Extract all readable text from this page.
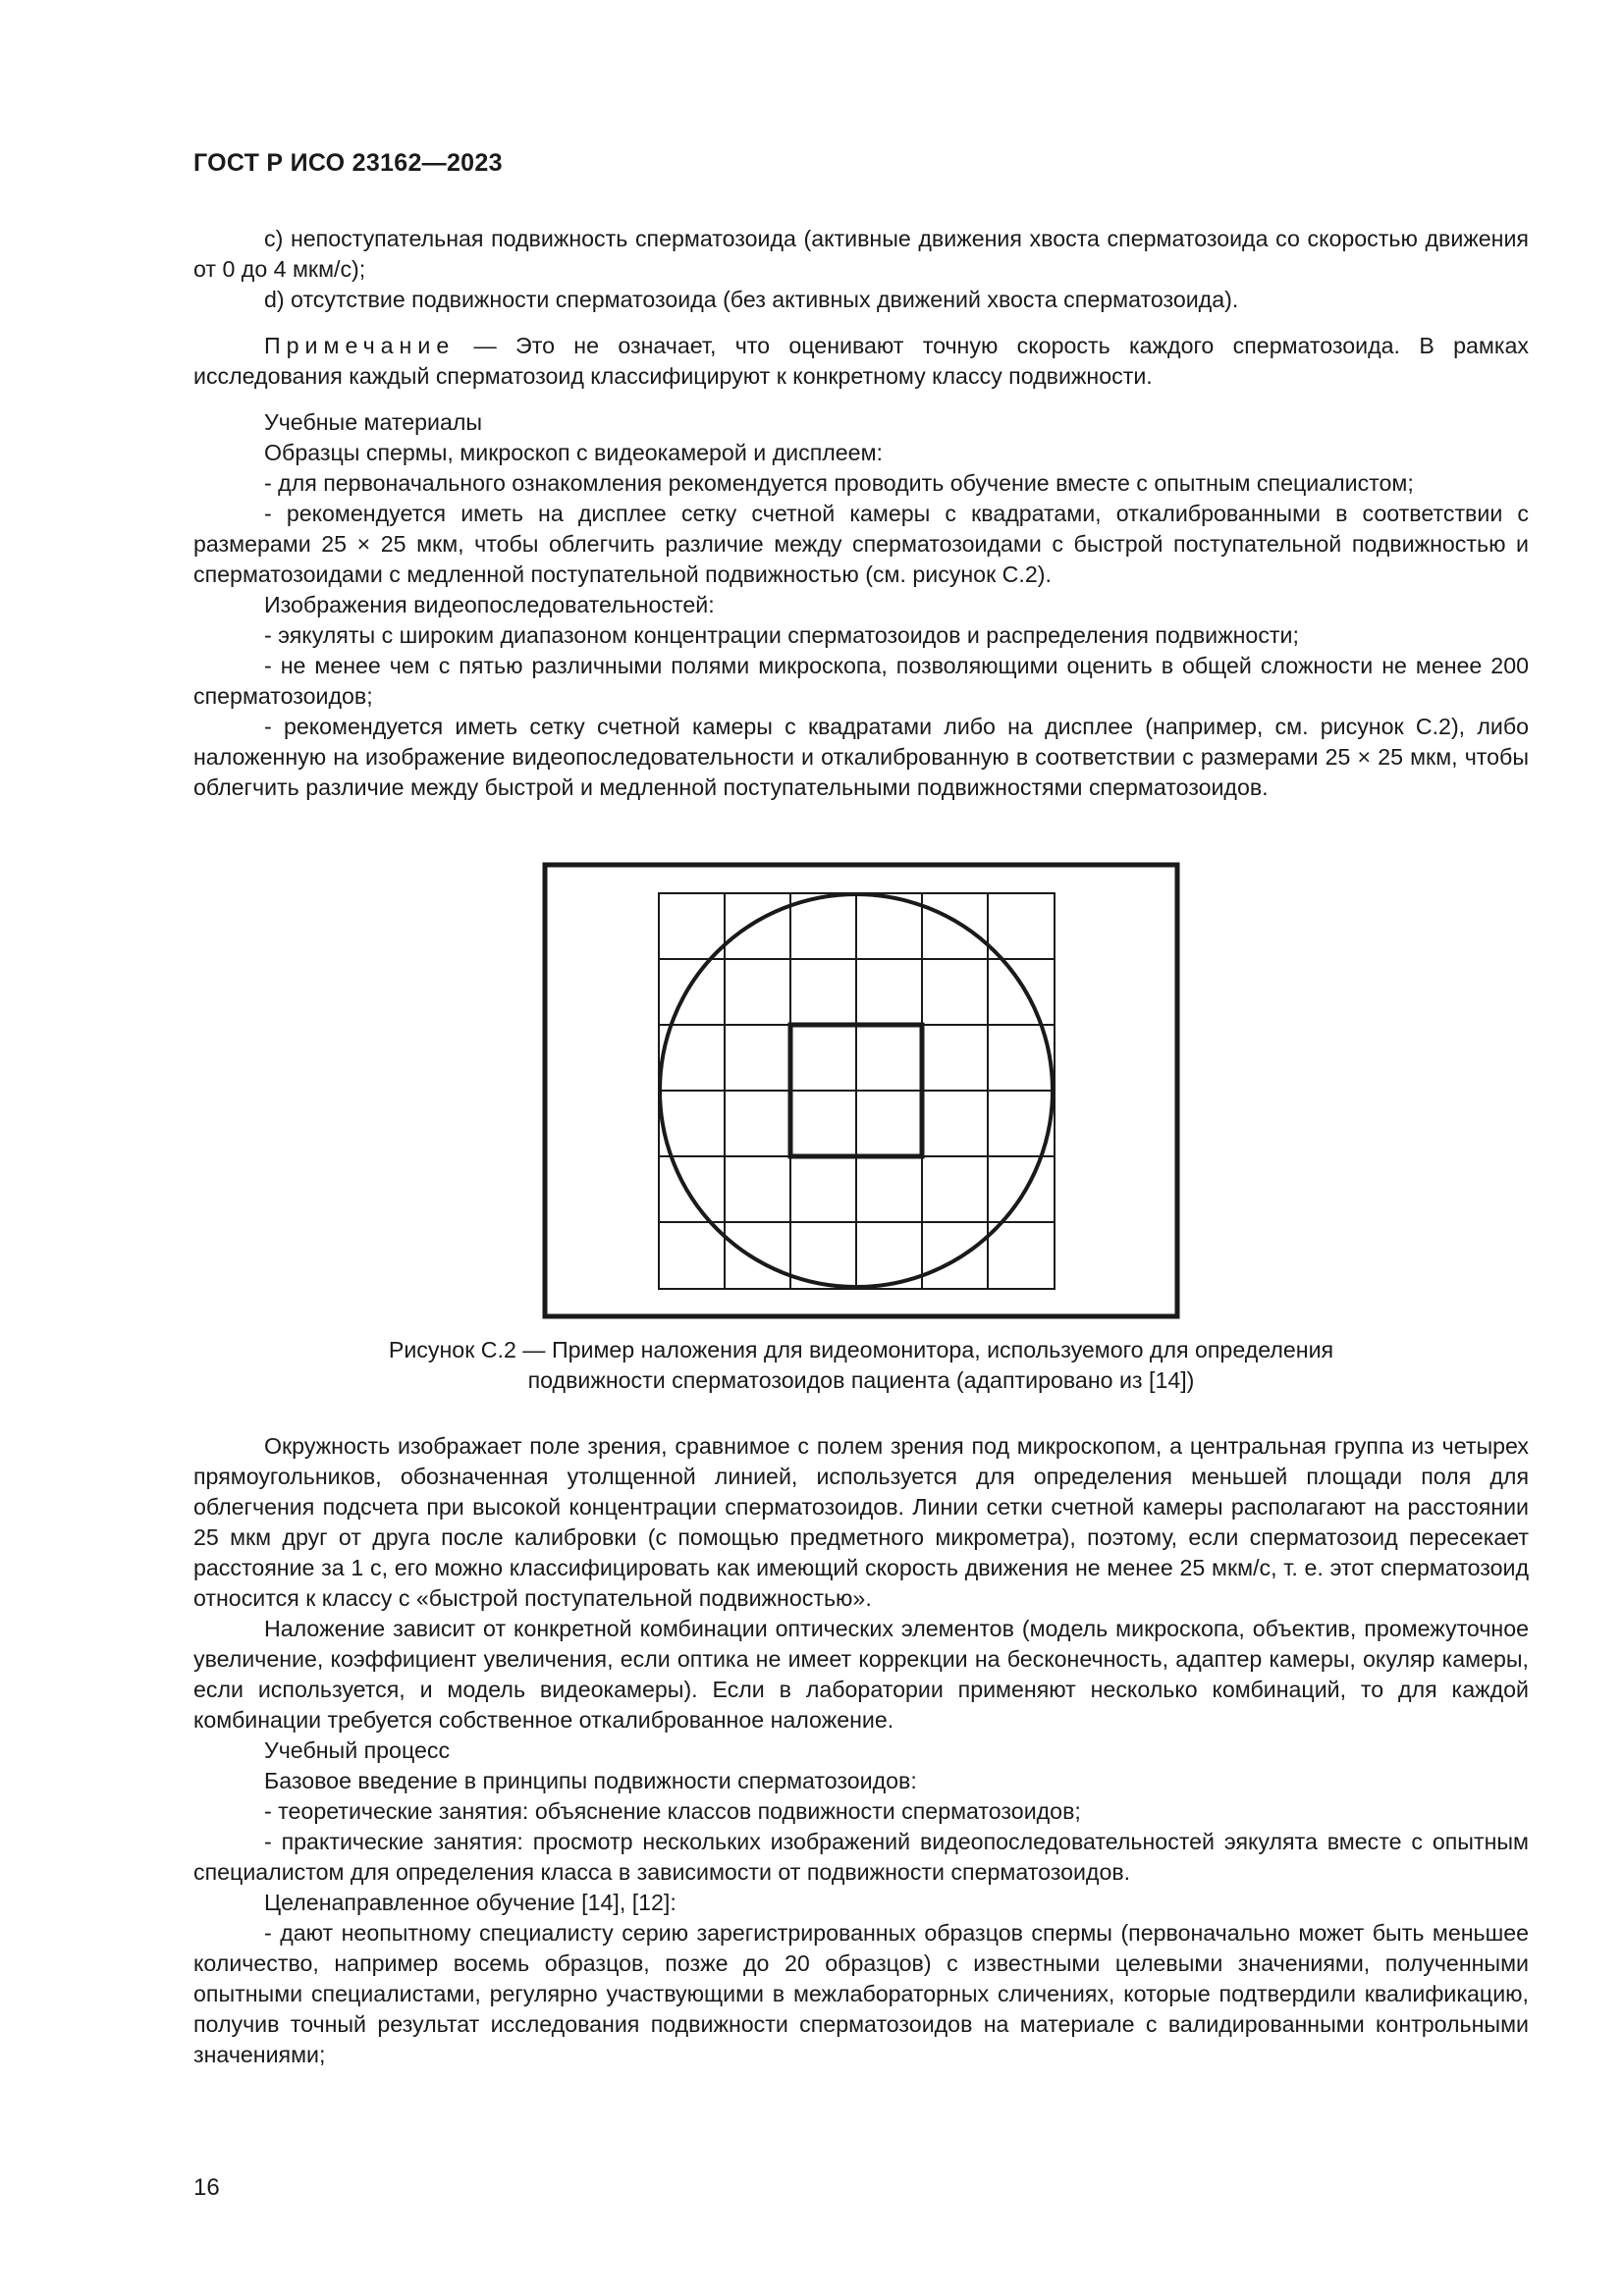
ГОСТ Р ИСО 23162—2023

c) непоступательная подвижность сперматозоида (активные движения хвоста сперматозоида со скоростью движения от 0 до 4 мкм/с);

d) отсутствие подвижности сперматозоида (без активных движений хвоста сперматозоида).

Примечание — Это не означает, что оценивают точную скорость каждого сперматозоида. В рамках исследования каждый сперматозоид классифицируют к конкретному классу подвижности.

Учебные материалы

Образцы спермы, микроскоп с видеокамерой и дисплеем:

- для первоначального ознакомления рекомендуется проводить обучение вместе с опытным специалистом;

- рекомендуется иметь на дисплее сетку счетной камеры с квадратами, откалиброванными в соответствии с размерами 25 × 25 мкм, чтобы облегчить различие между сперматозоидами с быстрой поступательной подвижностью и сперматозоидами с медленной поступательной подвижностью (см. рисунок C.2).

Изображения видеопоследовательностей:

- эякуляты с широким диапазоном концентрации сперматозоидов и распределения подвижности;

- не менее чем с пятью различными полями микроскопа, позволяющими оценить в общей сложности не менее 200 сперматозоидов;

- рекомендуется иметь сетку счетной камеры с квадратами либо на дисплее (например, см. рисунок C.2), либо наложенную на изображение видеопоследовательности и откалиброванную в соответствии с размерами 25 × 25 мкм, чтобы облегчить различие между быстрой и медленной поступательными подвижностями сперматозоидов.

Рисунок C.2 — Пример наложения для видеомонитора, используемого для определения
подвижности сперматозоидов пациента (адаптировано из [14])

Окружность изображает поле зрения, сравнимое с полем зрения под микроскопом, а центральная группа из четырех прямоугольников, обозначенная утолщенной линией, используется для определения меньшей площади поля для облегчения подсчета при высокой концентрации сперматозоидов. Линии сетки счетной камеры располагают на расстоянии 25 мкм друг от друга после калибровки (с помощью предметного микрометра), поэтому, если сперматозоид пересекает расстояние за 1 с, его можно классифицировать как имеющий скорость движения не менее 25 мкм/с, т. е. этот сперматозоид относится к классу с «быстрой поступательной подвижностью».

Наложение зависит от конкретной комбинации оптических элементов (модель микроскопа, объектив, промежуточное увеличение, коэффициент увеличения, если оптика не имеет коррекции на бесконечность, адаптер камеры, окуляр камеры, если используется, и модель видеокамеры). Если в лаборатории применяют несколько комбинаций, то для каждой комбинации требуется собственное откалиброванное наложение.

Учебный процесс

Базовое введение в принципы подвижности сперматозоидов:

- теоретические занятия: объяснение классов подвижности сперматозоидов;

- практические занятия: просмотр нескольких изображений видеопоследовательностей эякулята вместе с опытным специалистом для определения класса в зависимости от подвижности сперматозоидов.

Целенаправленное обучение [14], [12]:

- дают неопытному специалисту серию зарегистрированных образцов спермы (первоначально может быть меньшее количество, например восемь образцов, позже до 20 образцов) с известными целевыми значениями, полученными опытными специалистами, регулярно участвующими в межлабораторных сличениях, которые подтвердили квалификацию, получив точный результат исследования подвижности сперматозоидов на материале с валидированными контрольными значениями;

16
